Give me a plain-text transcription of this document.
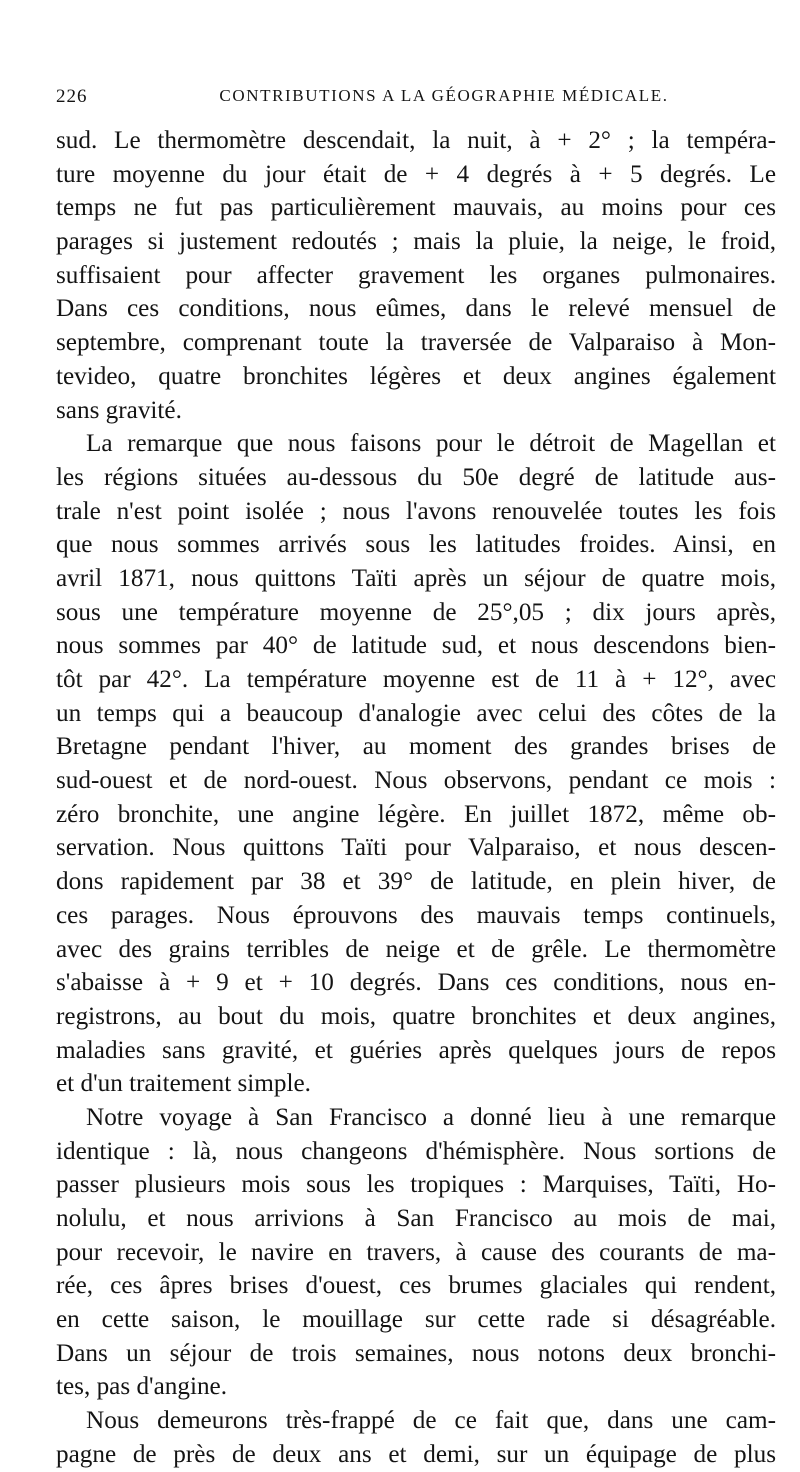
226	CONTRIBUTIONS A LA GÉOGRAPHIE MÉDICALE.
sud. Le thermomètre descendait, la nuit, à + 2° ; la tempéra-
ture moyenne du jour était de + 4 degrés à + 5 degrés. Le
temps ne fut pas particulièrement mauvais, au moins pour ces
parages si justement redoutés ; mais la pluie, la neige, le froid,
suffisaient pour affecter gravement les organes pulmonaires.
Dans ces conditions, nous eûmes, dans le relevé mensuel de
septembre, comprenant toute la traversée de Valparaiso à Mon-
tevideo, quatre bronchites légères et deux angines également
sans gravité.
La remarque que nous faisons pour le détroit de Magellan et
les régions situées au-dessous du 50e degré de latitude aus-
trale n'est point isolée ; nous l'avons renouvelée toutes les fois
que nous sommes arrivés sous les latitudes froides. Ainsi, en
avril 1871, nous quittons Taïti après un séjour de quatre mois,
sous une température moyenne de 25°,05 ; dix jours après,
nous sommes par 40° de latitude sud, et nous descendons bien-
tôt par 42°. La température moyenne est de 11 à + 12°, avec
un temps qui a beaucoup d'analogie avec celui des côtes de la
Bretagne pendant l'hiver, au moment des grandes brises de
sud-ouest et de nord-ouest. Nous observons, pendant ce mois :
zéro bronchite, une angine légère. En juillet 1872, même ob-
servation. Nous quittons Taïti pour Valparaiso, et nous descen-
dons rapidement par 38 et 39° de latitude, en plein hiver, de
ces parages. Nous éprouvons des mauvais temps continuels,
avec des grains terribles de neige et de grêle. Le thermomètre
s'abaisse à + 9 et + 10 degrés. Dans ces conditions, nous en-
registrons, au bout du mois, quatre bronchites et deux angines,
maladies sans gravité, et guéries après quelques jours de repos
et d'un traitement simple.
Notre voyage à San Francisco a donné lieu à une remarque
identique : là, nous changeons d'hémisphère. Nous sortions de
passer plusieurs mois sous les tropiques : Marquises, Taïti, Ho-
nolulu, et nous arrivions à San Francisco au mois de mai,
pour recevoir, le navire en travers, à cause des courants de ma-
rée, ces âpres brises d'ouest, ces brumes glaciales qui rendent,
en cette saison, le mouillage sur cette rade si désagréable.
Dans un séjour de trois semaines, nous notons deux bronchi-
tes, pas d'angine.
Nous demeurons très-frappé de ce fait que, dans une cam-
pagne de près de deux ans et demi, sur un équipage de plus
